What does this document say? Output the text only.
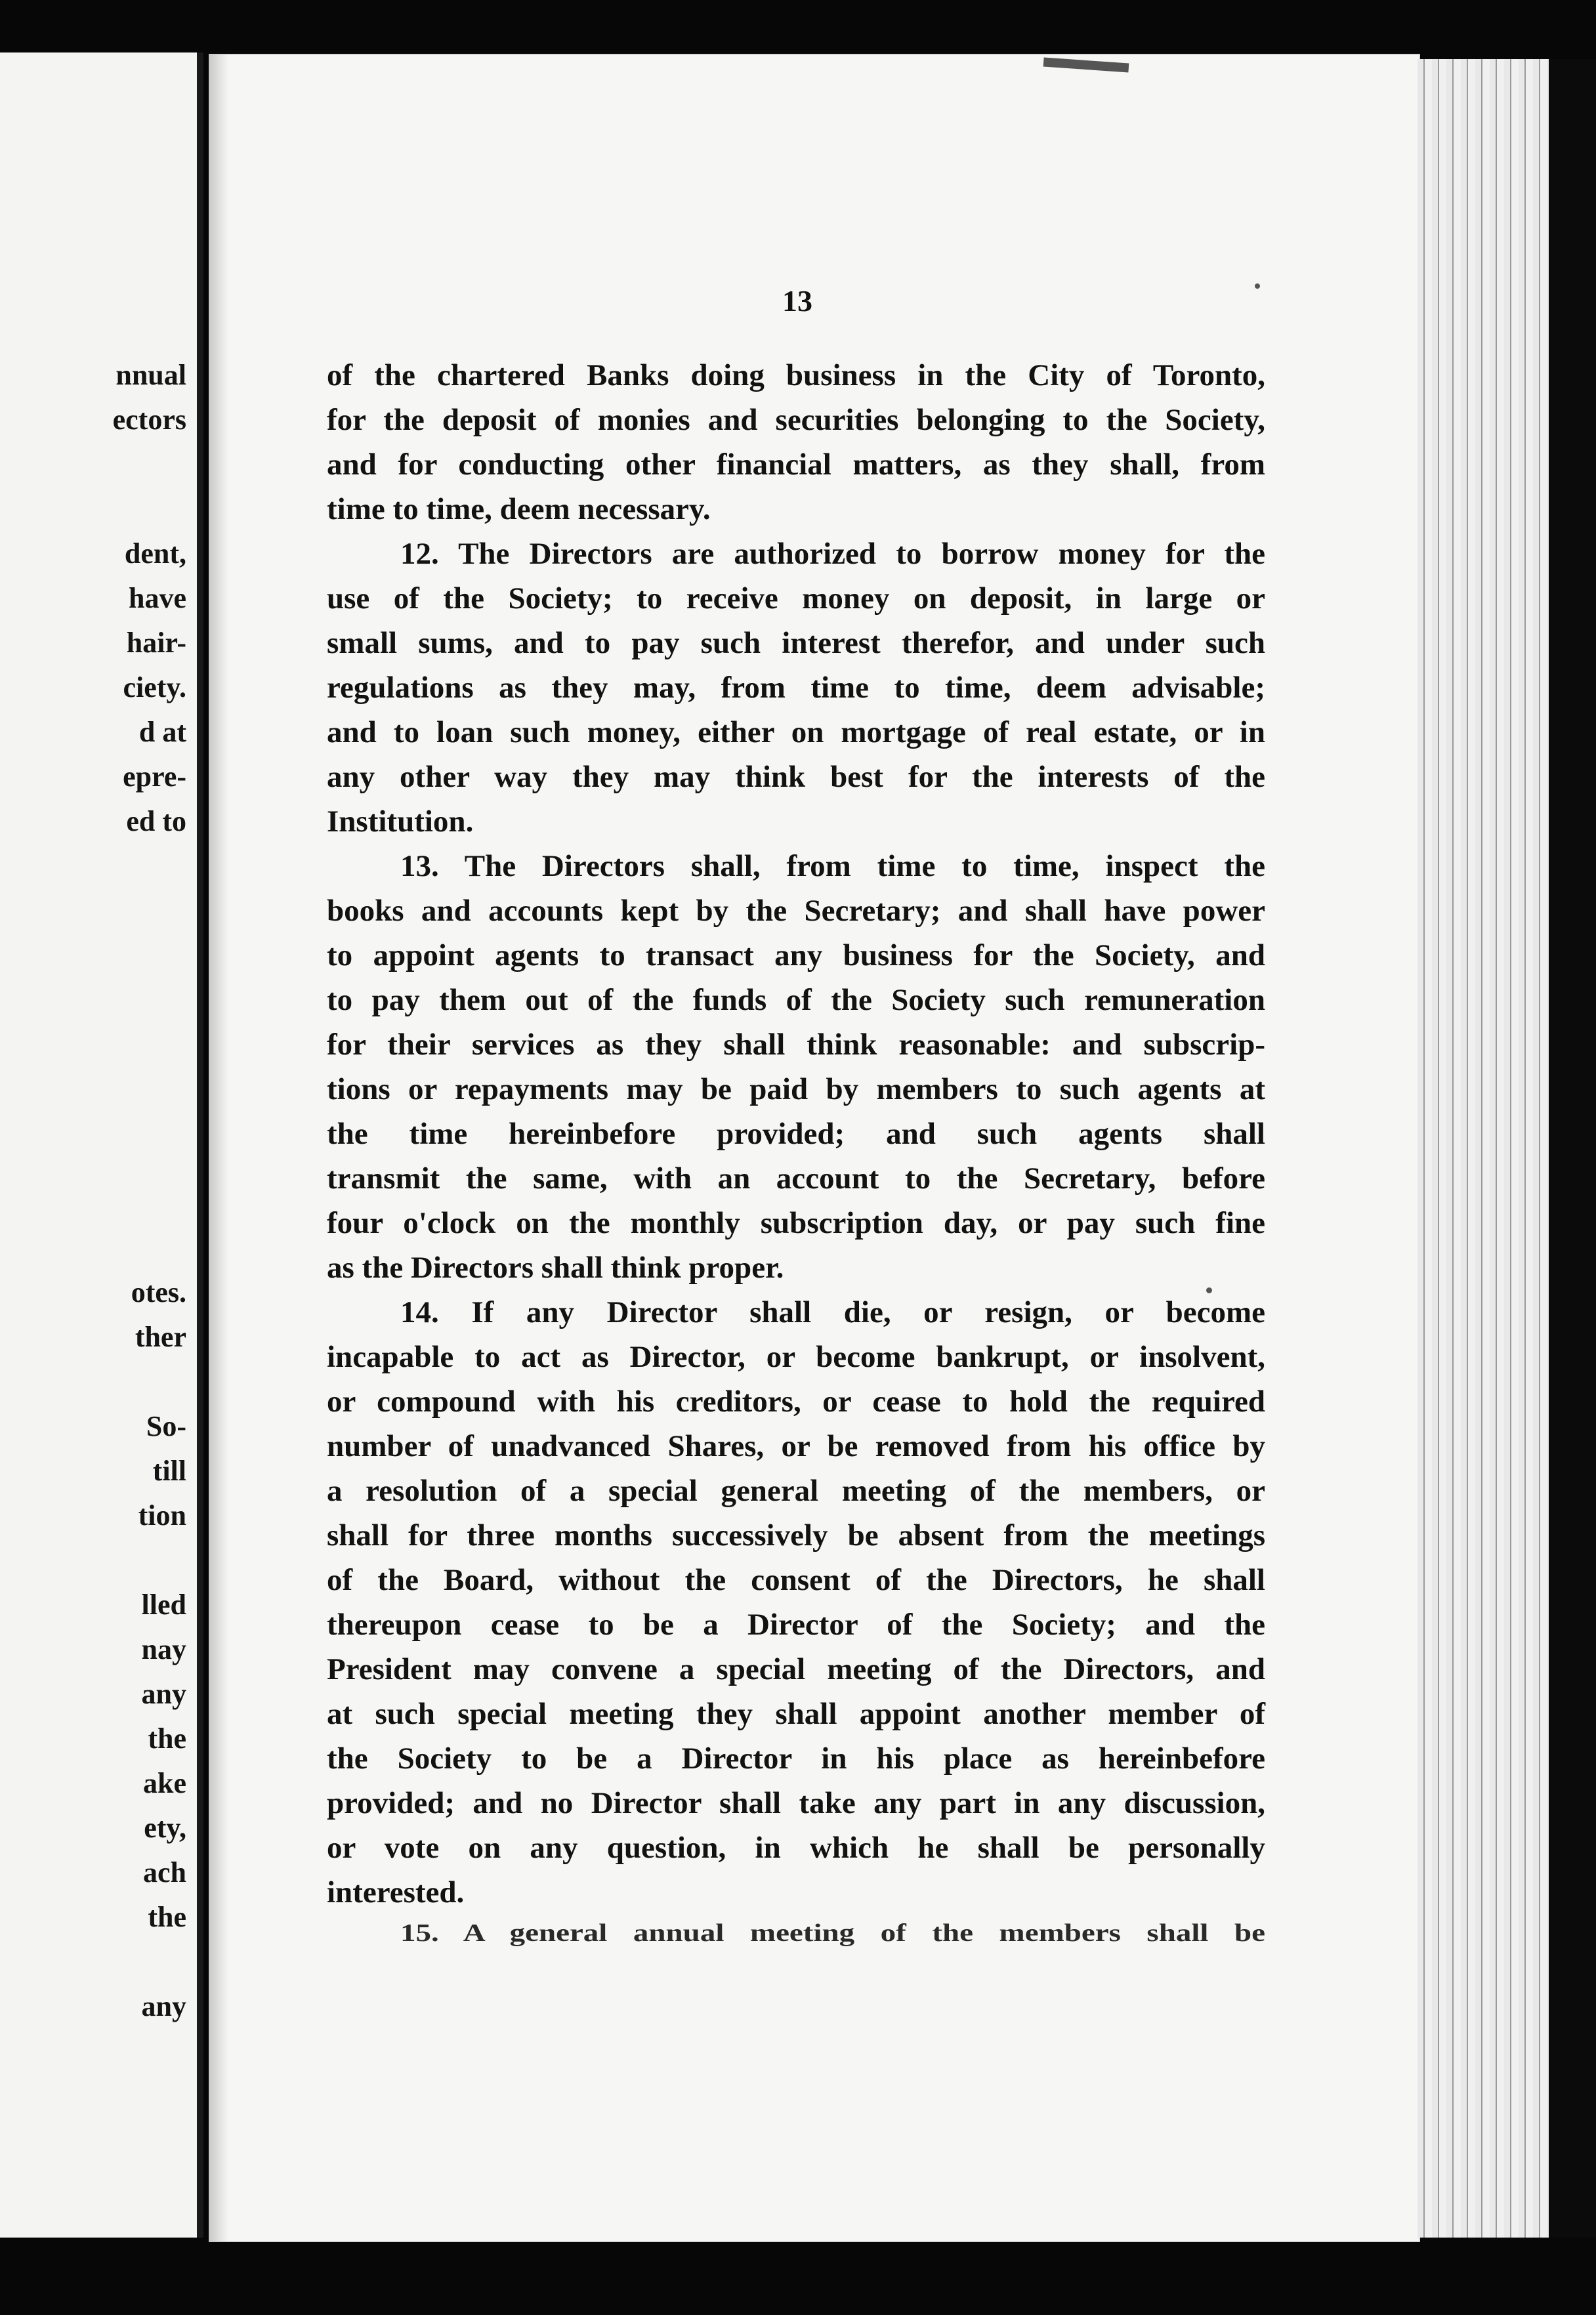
nnual
ectors
dent,
have
hair-
ciety.
d at
epre-
ed to
otes.
ther
So-
till
tion
lled
nay
any
the
ake
ety,
ach
the
any
13
of the chartered Banks doing business in the City of Toronto,
for the deposit of monies and securities belonging to the Society,
and for conducting other financial matters, as they shall, from
time to time, deem necessary.
12. The Directors are authorized to borrow money for the
use of the Society; to receive money on deposit, in large or
small sums, and to pay such interest therefor, and under such
regulations as they may, from time to time, deem advisable;
and to loan such money, either on mortgage of real estate, or in
any other way they may think best for the interests of the
Institution.
13. The Directors shall, from time to time, inspect the
books and accounts kept by the Secretary; and shall have power
to appoint agents to transact any business for the Society, and
to pay them out of the funds of the Society such remuneration
for their services as they shall think reasonable: and subscrip-
tions or repayments may be paid by members to such agents at
the time hereinbefore provided; and such agents shall
transmit the same, with an account to the Secretary, before
four o'clock on the monthly subscription day, or pay such fine
as the Directors shall think proper.
14. If any Director shall die, or resign, or become
incapable to act as Director, or become bankrupt, or insolvent,
or compound with his creditors, or cease to hold the required
number of unadvanced Shares, or be removed from his office by
a resolution of a special general meeting of the members, or
shall for three months successively be absent from the meetings
of the Board, without the consent of the Directors, he shall
thereupon cease to be a Director of the Society; and the
President may convene a special meeting of the Directors, and
at such special meeting they shall appoint another member of
the Society to be a Director in his place as hereinbefore
provided; and no Director shall take any part in any discussion,
or vote on any question, in which he shall be personally
interested.
15. A general annual meeting of the members shall be
